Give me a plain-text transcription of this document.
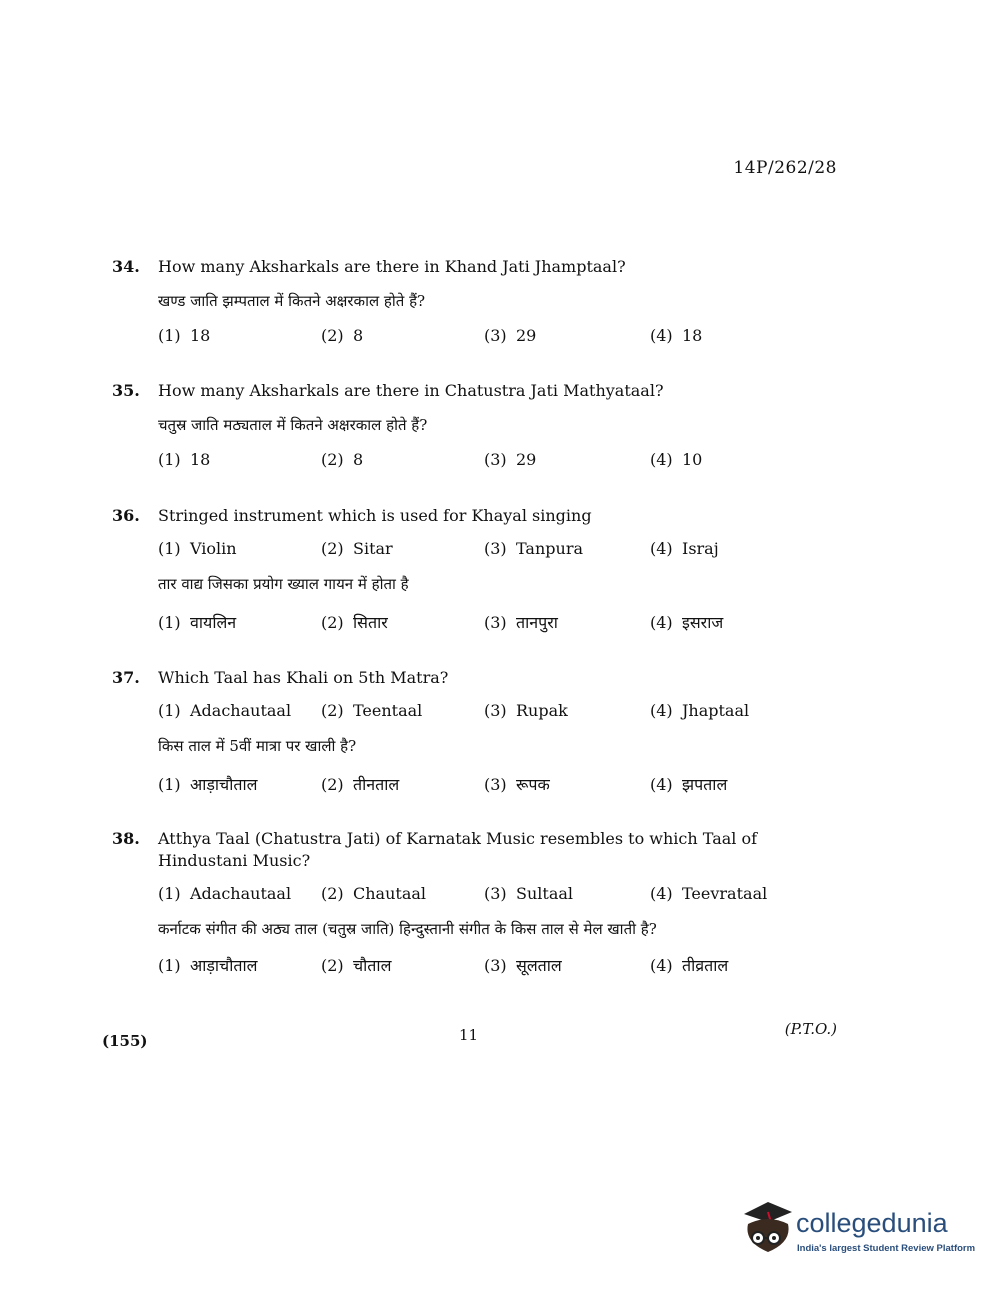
14P/262/28
34.	How many Aksharkals are there in Khand Jati Jhamptaal?
खण्ड जाति झम्पताल में कितने अक्षरकाल होते हैं?
(1) 18	(2) 8	(3) 29	(4) 18
35.	How many Aksharkals are there in Chatustra Jati Mathyataal?
चतुस्र जाति मठ्यताल में कितने अक्षरकाल होते हैं?
(1) 18	(2) 8	(3) 29	(4) 10
36.	Stringed instrument which is used for Khayal singing
(1) Violin	(2) Sitar	(3) Tanpura	(4) Israj
तार वाद्य जिसका प्रयोग ख्याल गायन में होता है
(1) वायलिन	(2) सितार	(3) तानपुरा	(4) इसराज
37.	Which Taal has Khali on 5th Matra?
(1) Adachautaal (2) Teentaal	(3) Rupak	(4) Jhaptaal
किस ताल में 5वीं मात्रा पर खाली है?
(1) आड़ाचौताल	(2) तीनताल	(3) रूपक	(4) झपताल
38.	Atthya Taal (Chatustra Jati) of Karnatak Music resembles to which Taal of Hindustani Music?
(1) Adachautaal (2) Chautaal	(3) Sultaal	(4) Teevrataal
कर्नाटक संगीत की अठ्य ताल (चतुस्र जाति) हिन्दुस्तानी संगीत के किस ताल से मेल खाती है?
(1) आड़ाचौताल	(2) चौताल	(3) सूलताल	(4) तीव्रताल
(155)	11	(P.T.O.)
collegedunia
India's largest Student Review Platform
